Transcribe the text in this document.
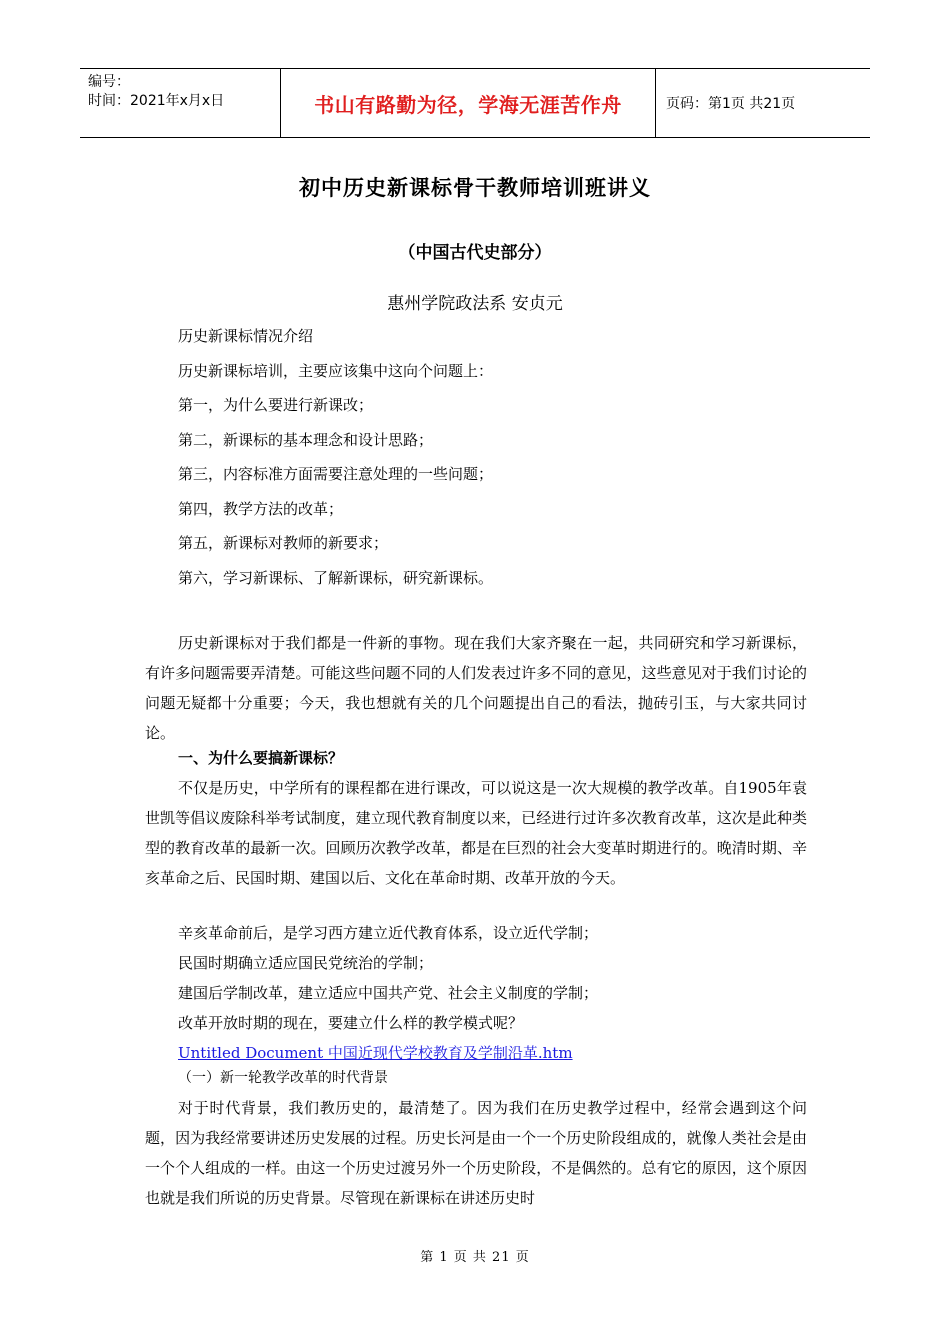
编号：
时间：2021年x月x日	书山有路勤为径，学海无涯苦作舟	页码：第1页 共21页
初中历史新课标骨干教师培训班讲义
（中国古代史部分）
惠州学院政法系 安贞元
历史新课标情况介绍
历史新课标培训，主要应该集中这向个问题上：
第一，为什么要进行新课改；
第二，新课标的基本理念和设计思路；
第三，内容标准方面需要注意处理的一些问题；
第四，教学方法的改革；
第五，新课标对教师的新要求；
第六，学习新课标、了解新课标，研究新课标。
历史新课标对于我们都是一件新的事物。现在我们大家齐聚在一起，共同研究和学习新课标，有许多问题需要弄清楚。可能这些问题不同的人们发表过许多不同的意见，这些意见对于我们讨论的问题无疑都十分重要；今天，我也想就有关的几个问题提出自己的看法，抛砖引玉，与大家共同讨论。
一、为什么要搞新课标？
不仅是历史，中学所有的课程都在进行课改，可以说这是一次大规模的教学改革。自1905年袁世凯等倡议废除科举考试制度，建立现代教育制度以来，已经进行过许多次教育改革，这次是此种类型的教育改革的最新一次。回顾历次教学改革，都是在巨烈的社会大变革时期进行的。晚清时期、辛亥革命之后、民国时期、建国以后、文化在革命时期、改革开放的今天。
辛亥革命前后，是学习西方建立近代教育体系，设立近代学制；
民国时期确立适应国民党统治的学制；
建国后学制改革，建立适应中国共产党、社会主义制度的学制；
改革开放时期的现在，要建立什么样的教学模式呢？
Untitled Document 中国近现代学校教育及学制沿革.htm
（一）新一轮教学改革的时代背景
对于时代背景，我们教历史的，最清楚了。因为我们在历史教学过程中，经常会遇到这个问题，因为我经常要讲述历史发展的过程。历史长河是由一个一个历史阶段组成的，就像人类社会是由一个个人组成的一样。由这一个历史过渡另外一个历史阶段，不是偶然的。总有它的原因，这个原因也就是我们所说的历史背景。尽管现在新课标在讲述历史时
第 1 页 共 21 页
